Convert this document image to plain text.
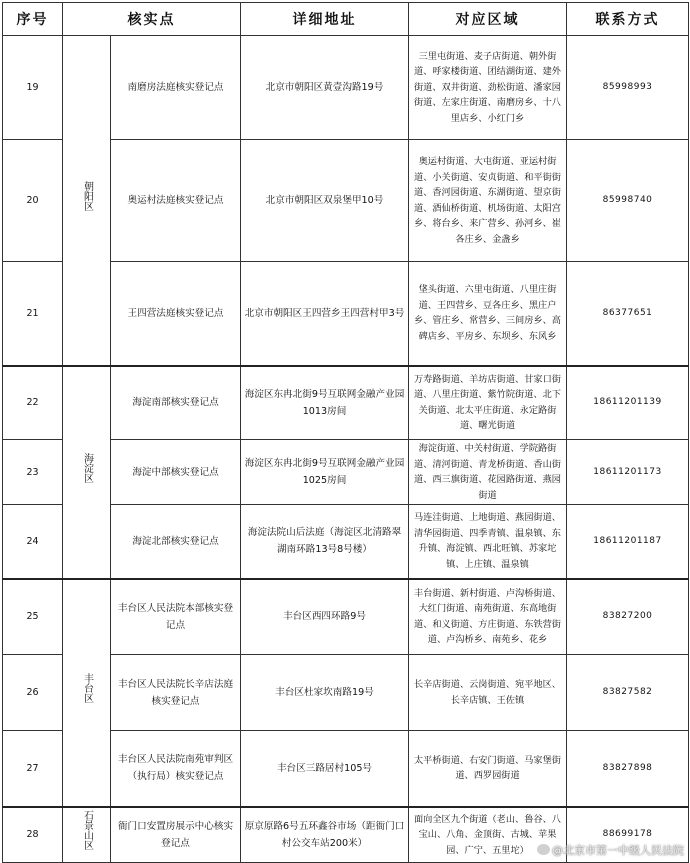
序号	核实点		详细地址	对应区域	联系方式
19	朝阳区	南磨房法庭核实登记点	北京市朝阳区黄壹沟路19号	三里屯街道、麦子店街道、朝外街道、呼家楼街道、团结湖街道、建外街道、双井街道、劲松街道、潘家园街道、左家庄街道、南磨房乡、十八里店乡、小红门乡	85998993
20		奥运村法庭核实登记点	北京市朝阳区双泉堡甲10号	奥运村街道、大屯街道、亚运村街道、小关街道、安贞街道、和平街街道、香河园街道、东湖街道、望京街道、酒仙桥街道、机场街道、太阳宫乡、将台乡、来广营乡、孙河乡、崔各庄乡、金盏乡	85998740
21		王四营法庭核实登记点	北京市朝阳区王四营乡王四营村甲3号	垡头街道、六里屯街道、八里庄街道、王四营乡、豆各庄乡、黑庄户乡、管庄乡、常营乡、三间房乡、高碑店乡、平房乡、东坝乡、东风乡	86377651
22	海淀区	海淀南部核实登记点	海淀区东冉北街9号互联网金融产业园1013房间	万寿路街道、羊坊店街道、甘家口街道、八里庄街道、紫竹院街道、北下关街道、北太平庄街道、永定路街道、曙光街道	18611201139
23		海淀中部核实登记点	海淀区东冉北街9号互联网金融产业园1025房间	海淀街道、中关村街道、学院路街道、清河街道、青龙桥街道、香山街道、西三旗街道、花园路街道、燕园街道	18611201173
24		海淀北部核实登记点	海淀法院山后法庭（海淀区北清路翠湖南环路13号8号楼）	马连洼街道、上地街道、燕园街道、清华园街道、四季青镇、温泉镇、东升镇、海淀镇、西北旺镇、苏家坨镇、上庄镇、温泉镇	18611201187
25	丰台区	丰台区人民法院本部核实登记点	丰台区西四环路9号	丰台街道、新村街道、卢沟桥街道、大红门街道、南苑街道、东高地街道、和义街道、方庄街道、东铁营街道、卢沟桥乡、南苑乡、花乡	83827200
26		丰台区人民法院长辛店法庭核实登记点	丰台区杜家坎南路19号	长辛店街道、云岗街道、宛平地区、长辛店镇、王佐镇	83827582
27		丰台区人民法院南苑审判区（执行局）核实登记点	丰台区三路居村105号	太平桥街道、右安门街道、马家堡街道、西罗园街道	83827898
28	石景山区	衙门口安置房展示中心核实登记点	原京原路6号五环鑫谷市场（距衙门口村公交车站200米）	面向全区九个街道（老山、鲁谷、八宝山、八角、金顶街、古城、苹果园、广宁、五里坨）	88699178
@北京市第一中级人民法院
